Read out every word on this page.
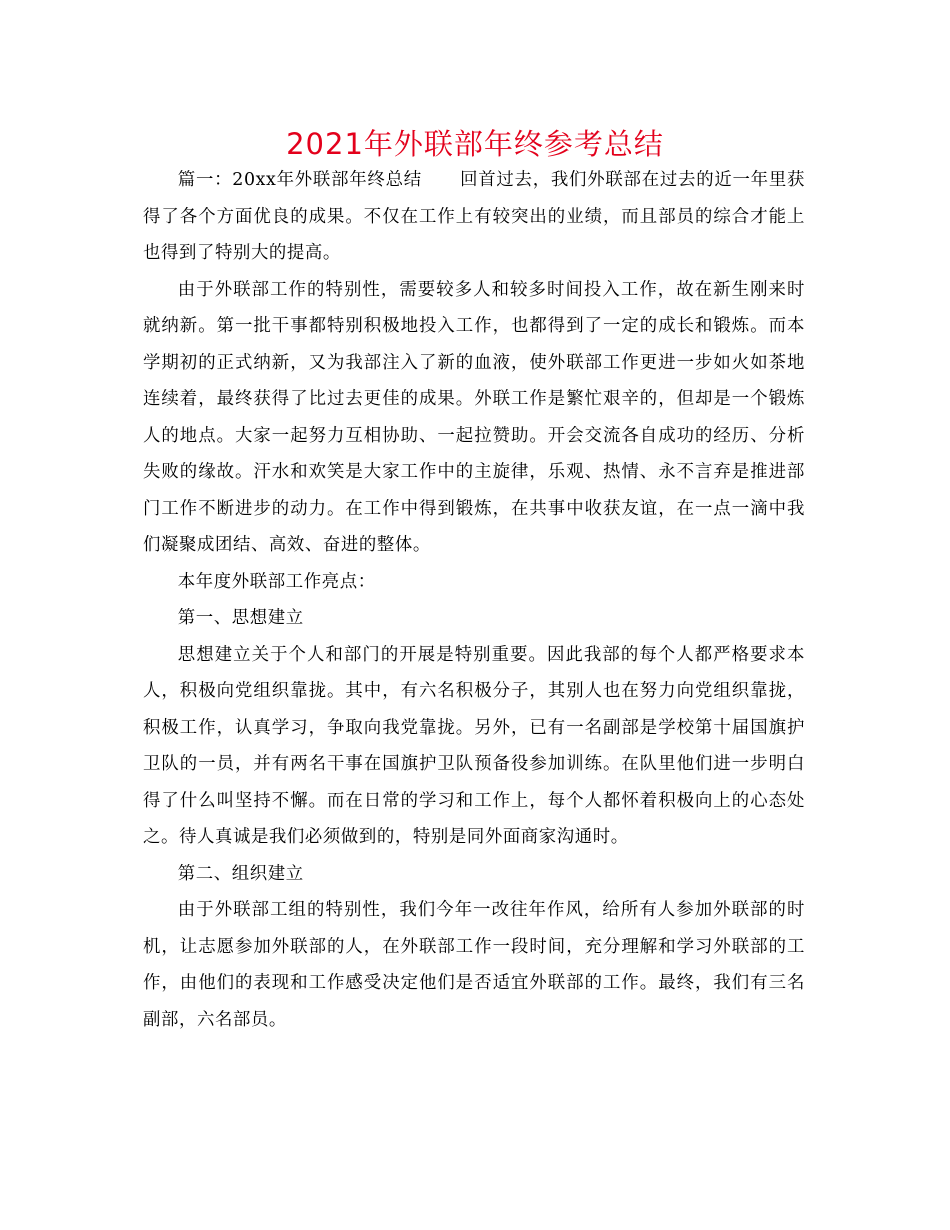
2021年外联部年终参考总结

篇一：20xx年外联部年终总结 回首过去，我们外联部在过去的近一年里获得了各个方面优良的成果。不仅在工作上有较突出的业绩，而且部员的综合才能上也得到了特别大的提高。

由于外联部工作的特别性，需要较多人和较多时间投入工作，故在新生刚来时就纳新。第一批干事都特别积极地投入工作，也都得到了一定的成长和锻炼。而本学期初的正式纳新，又为我部注入了新的血液，使外联部工作更进一步如火如茶地连续着，最终获得了比过去更佳的成果。外联工作是繁忙艰辛的，但却是一个锻炼人的地点。大家一起努力互相协助、一起拉赞助。开会交流各自成功的经历、分析失败的缘故。汗水和欢笑是大家工作中的主旋律，乐观、热情、永不言弃是推进部门工作不断进步的动力。在工作中得到锻炼，在共事中收获友谊，在一点一滴中我们凝聚成团结、高效、奋进的整体。

本年度外联部工作亮点：

第一、思想建立

思想建立关于个人和部门的开展是特别重要。因此我部的每个人都严格要求本人，积极向党组织靠拢。其中，有六名积极分子，其别人也在努力向党组织靠拢，积极工作，认真学习，争取向我党靠拢。另外，已有一名副部是学校第十届国旗护卫队的一员，并有两名干事在国旗护卫队预备役参加训练。在队里他们进一步明白得了什么叫坚持不懈。而在日常的学习和工作上，每个人都怀着积极向上的心态处之。待人真诚是我们必须做到的，特别是同外面商家沟通时。

第二、组织建立

由于外联部工组的特别性，我们今年一改往年作风，给所有人参加外联部的时机，让志愿参加外联部的人，在外联部工作一段时间，充分理解和学习外联部的工作，由他们的表现和工作感受决定他们是否适宜外联部的工作。最终，我们有三名副部，六名部员。
